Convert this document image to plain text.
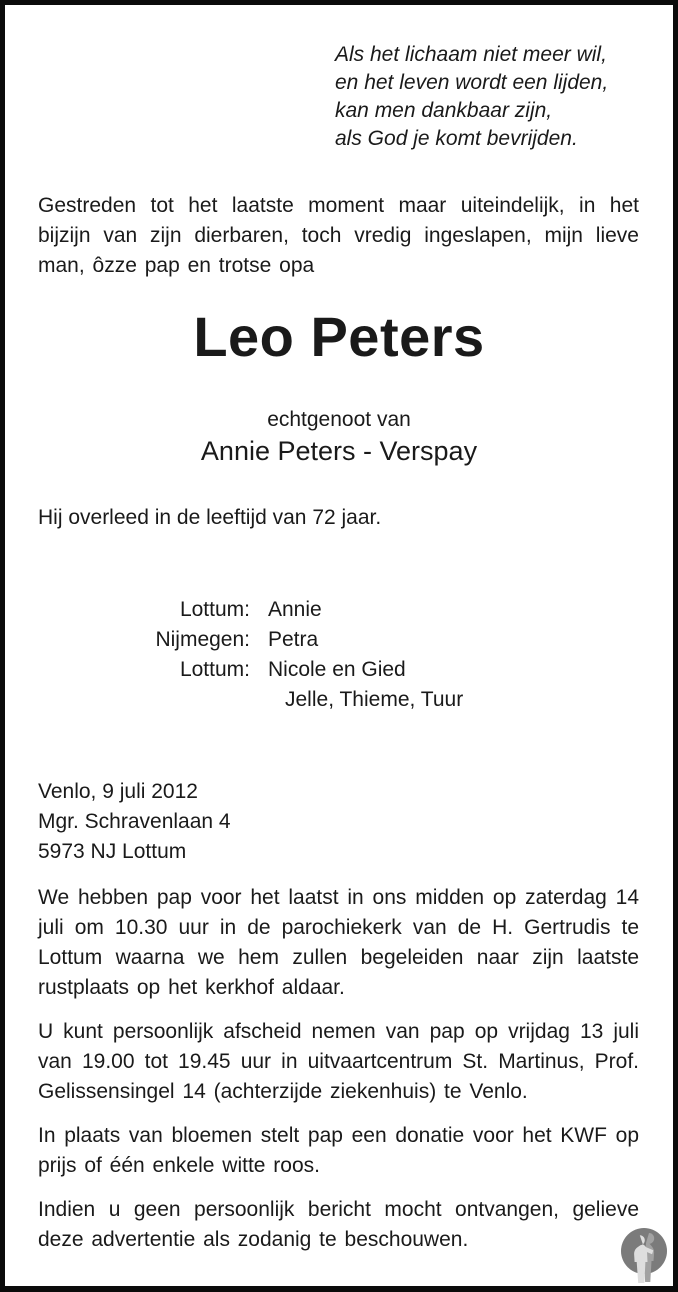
Als het lichaam niet meer wil,
en het leven wordt een lijden,
kan men dankbaar zijn,
als God je komt bevrijden.
Gestreden tot het laatste moment maar uiteindelijk, in het bijzijn van zijn dierbaren, toch vredig ingeslapen, mijn lieve man, ôzze pap en trotse opa
Leo Peters
echtgenoot van
Annie Peters - Verspay
Hij overleed in de leeftijd van 72 jaar.
Lottum: Annie
Nijmegen: Petra
Lottum: Nicole en Gied
Jelle, Thieme, Tuur
Venlo, 9 juli 2012
Mgr. Schravenlaan 4
5973 NJ Lottum

We hebben pap voor het laatst in ons midden op zaterdag 14 juli om 10.30 uur in de parochiekerk van de H. Gertrudis te Lottum waarna we hem zullen begeleiden naar zijn laatste rustplaats op het kerkhof aldaar.

U kunt persoonlijk afscheid nemen van pap op vrijdag 13 juli van 19.00 tot 19.45 uur in uitvaartcentrum St. Martinus, Prof. Gelissensingel 14 (achterzijde ziekenhuis) te Venlo.

In plaats van bloemen stelt pap een donatie voor het KWF op prijs of één enkele witte roos.

Indien u geen persoonlijk bericht mocht ontvangen, gelieve deze advertentie als zodanig te beschouwen.
